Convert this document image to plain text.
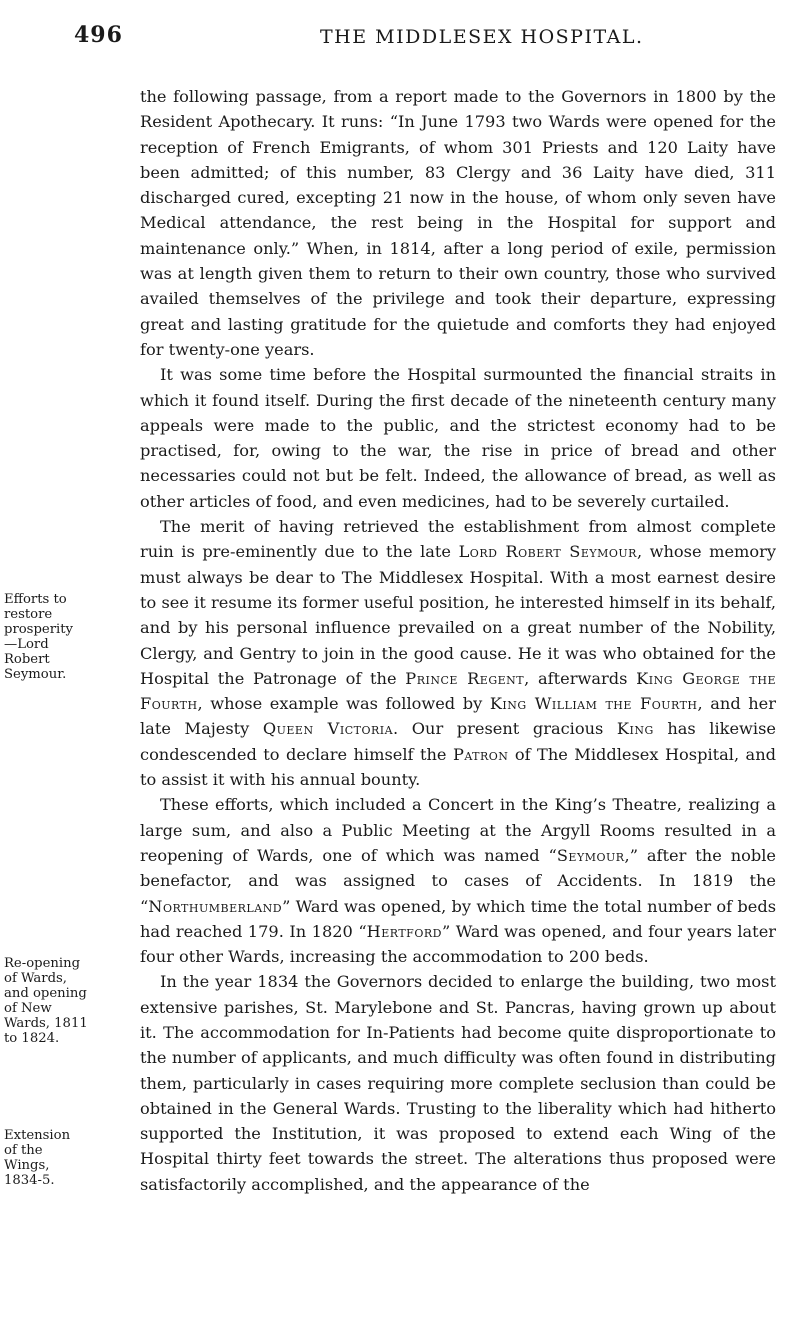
496	THE MIDDLESEX HOSPITAL.
Efforts to
restore
prosperity
—Lord
Robert
Seymour.
Re-opening
of Wards,
and opening
of New
Wards, 1811
to 1824.
Extension
of the
Wings,
1834-5.

the following passage, from a report made to the Governors in 1800 by the Resident Apothecary. It runs: “In June 1793 two Wards were opened for the reception of French Emigrants, of whom 301 Priests and 120 Laity have been admitted; of this number, 83 Clergy and 36 Laity have died, 311 discharged cured, excepting 21 now in the house, of whom only seven have Medical attendance, the rest being in the Hospital for support and maintenance only.” When, in 1814, after a long period of exile, permission was at length given them to return to their own country, those who survived availed themselves of the privilege and took their departure, expressing great and lasting gratitude for the quietude and comforts they had enjoyed for twenty-one years.

It was some time before the Hospital surmounted the financial straits in which it found itself. During the first decade of the nineteenth century many appeals were made to the public, and the strictest economy had to be practised, for, owing to the war, the rise in price of bread and other necessaries could not but be felt. Indeed, the allowance of bread, as well as other articles of food, and even medicines, had to be severely curtailed.

The merit of having retrieved the establishment from almost complete ruin is pre-eminently due to the late Lord Robert Seymour, whose memory must always be dear to The Middlesex Hospital. With a most earnest desire to see it resume its former useful position, he interested himself in its behalf, and by his personal influence prevailed on a great number of the Nobility, Clergy, and Gentry to join in the good cause. He it was who obtained for the Hospital the Patronage of the Prince Regent, afterwards King George the Fourth, whose example was followed by King William the Fourth, and her late Majesty Queen Victoria. Our present gracious King has likewise condescended to declare himself the Patron of The Middlesex Hospital, and to assist it with his annual bounty.

These efforts, which included a Concert in the King’s Theatre, realizing a large sum, and also a Public Meeting at the Argyll Rooms resulted in a reopening of Wards, one of which was named “Seymour,” after the noble benefactor, and was assigned to cases of Accidents. In 1819 the “Northumberland” Ward was opened, by which time the total number of beds had reached 179. In 1820 “Hertford” Ward was opened, and four years later four other Wards, increasing the accommodation to 200 beds.

In the year 1834 the Governors decided to enlarge the building, two most extensive parishes, St. Marylebone and St. Pancras, having grown up about it. The accommodation for In-Patients had become quite disproportionate to the number of applicants, and much difficulty was often found in distributing them, particularly in cases requiring more complete seclusion than could be obtained in the General Wards. Trusting to the liberality which had hitherto supported the Institution, it was proposed to extend each Wing of the Hospital thirty feet towards the street. The alterations thus proposed were satisfactorily accomplished, and the appearance of the
